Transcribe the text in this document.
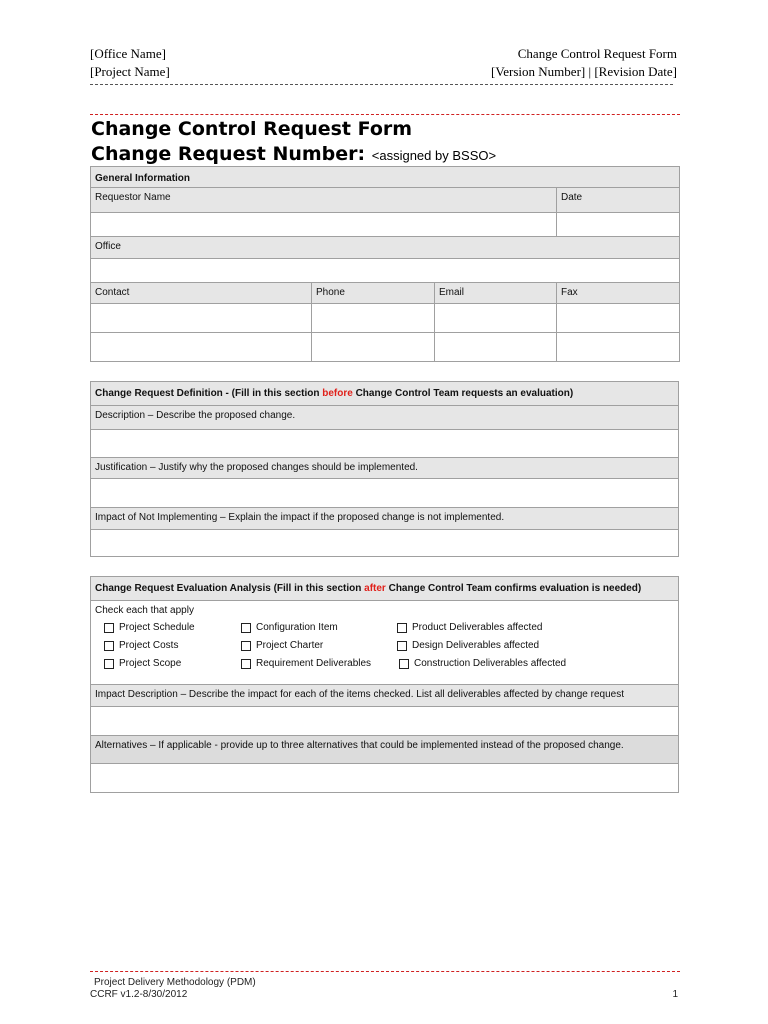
[Office Name]
[Project Name]
Change Control Request Form
[Version Number] | [Revision Date]
Change Control Request Form
Change Request Number: <assigned by BSSO>
General Information			
Requestor Name			Date

Office			

Contact	Phone	Email	Fax

Change Request Definition - (Fill in this section before Change Control Team requests an evaluation)
Description – Describe the proposed change.

Justification – Justify why the proposed changes should be implemented.

Impact of Not Implementing – Explain the impact if the proposed change is not implemented.

Change Request Evaluation Analysis (Fill in this section after Change Control Team confirms evaluation is needed)

Check each that apply
Project Schedule	Configuration Item	Product Deliverables affected
Project Costs	Project Charter	Design Deliverables affected
Project Scope	Requirement Deliverables	Construction Deliverables affected

Impact Description – Describe the impact for each of the items checked. List all deliverables affected by change request

Alternatives – If applicable - provide up to three alternatives that could be implemented instead of the proposed change.

Project Delivery Methodology (PDM)
CCRF v1.2-8/30/2012	1
